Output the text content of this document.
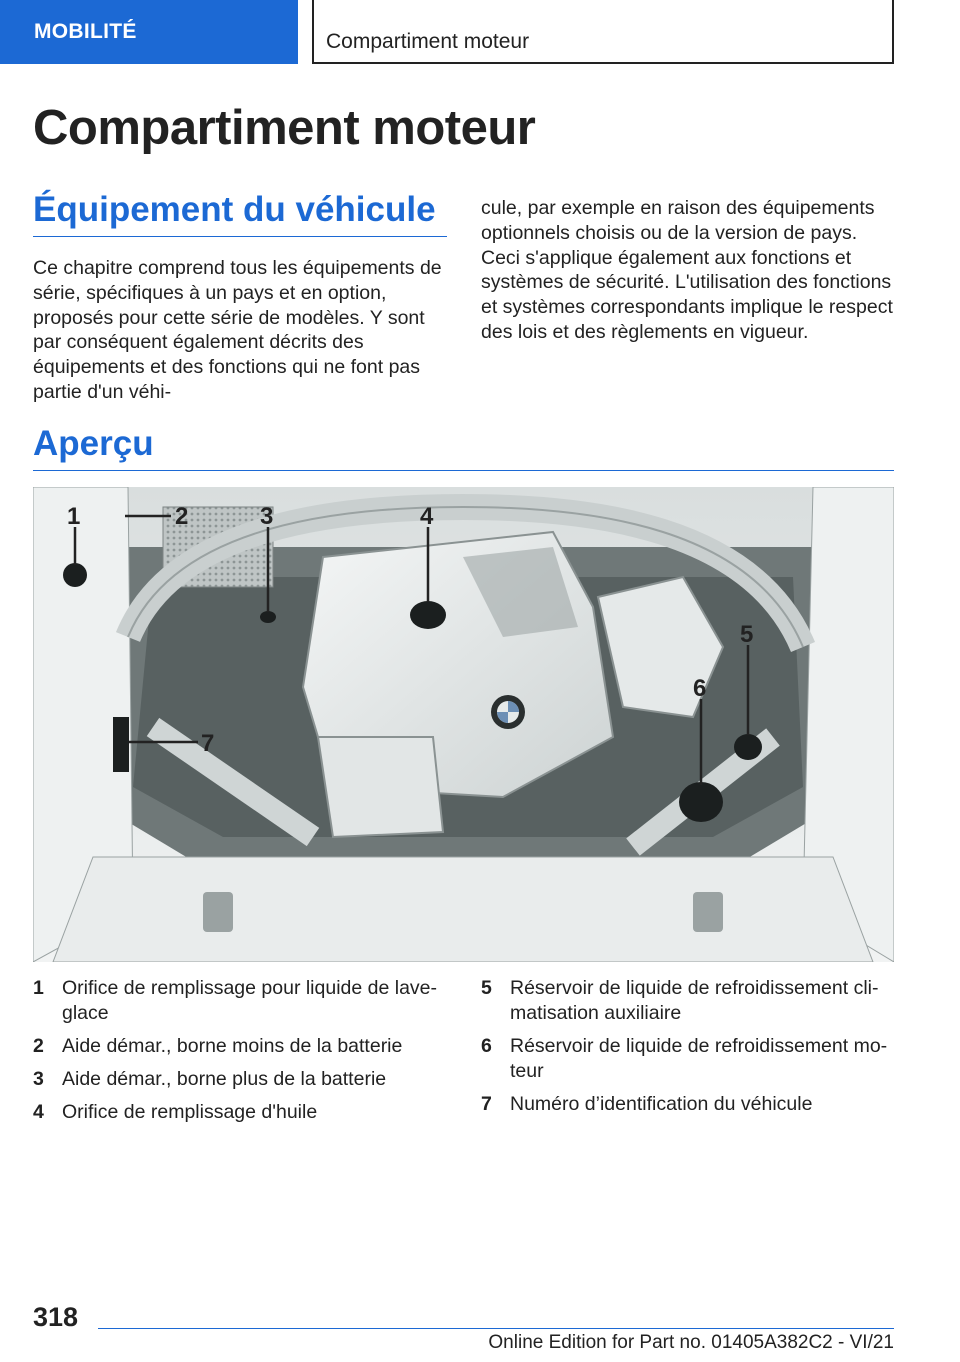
MOBILITÉ	Compartiment moteur
Compartiment moteur
Équipement du véhicule

Ce chapitre comprend tous les équipements de série, spécifiques à un pays et en option, proposés pour cette série de modèles. Y sont par conséquent également décrits des équipements et des fonctions qui ne font pas partie d'un véhi-

cule, par exemple en raison des équipements optionnels choisis ou de la version de pays. Ceci s'applique également aux fonctions et systèmes de sécurité. L'utilisation des fonctions et systèmes correspondants implique le respect des lois et des règlements en vigueur.

Aperçu
1	2	3	4
5
6
7
1 Orifice de remplissage pour liquide de laveglace
2 Aide démar., borne moins de la batterie
3 Aide démar., borne plus de la batterie
4 Orifice de remplissage d'huile
5 Réservoir de liquide de refroidissement climatisation auxiliaire
6 Réservoir de liquide de refroidissement moteur
7 Numéro d’identification du véhicule
318
Online Edition for Part no. 01405A382C2 - VI/21
